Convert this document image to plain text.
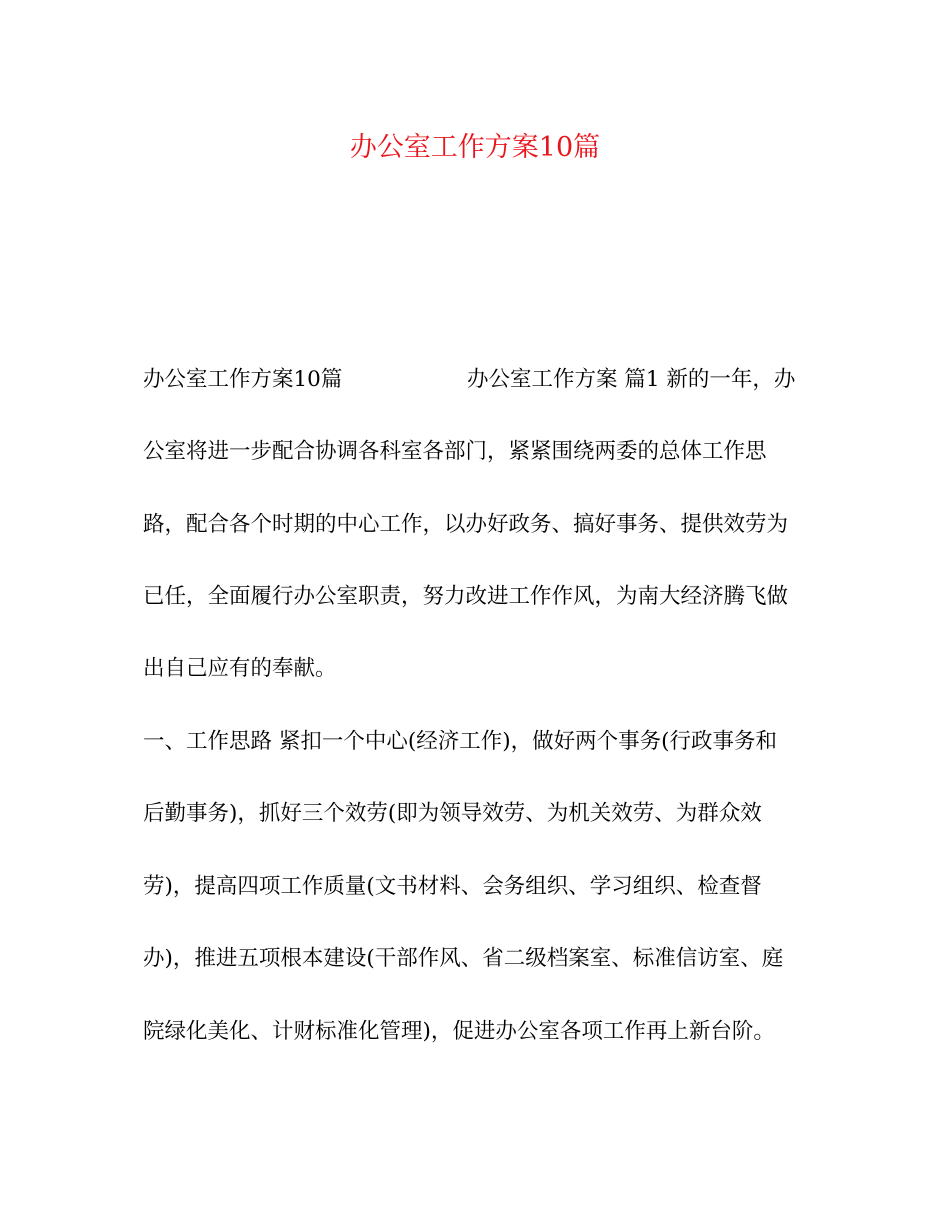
办公室工作方案10篇
办公室工作方案10篇	办公室工作方案 篇1 新的一年，办

公室将进一步配合协调各科室各部门，紧紧围绕两委的总体工作思

路，配合各个时期的中心工作，以办好政务、搞好事务、提供效劳为

已任，全面履行办公室职责，努力改进工作作风，为南大经济腾飞做

出自己应有的奉献。

一、工作思路 紧扣一个中心(经济工作)，做好两个事务(行政事务和

后勤事务)，抓好三个效劳(即为领导效劳、为机关效劳、为群众效

劳)，提高四项工作质量(文书材料、会务组织、学习组织、检查督

办)，推进五项根本建设(干部作风、省二级档案室、标准信访室、庭

院绿化美化、计财标准化管理)，促进办公室各项工作再上新台阶。
